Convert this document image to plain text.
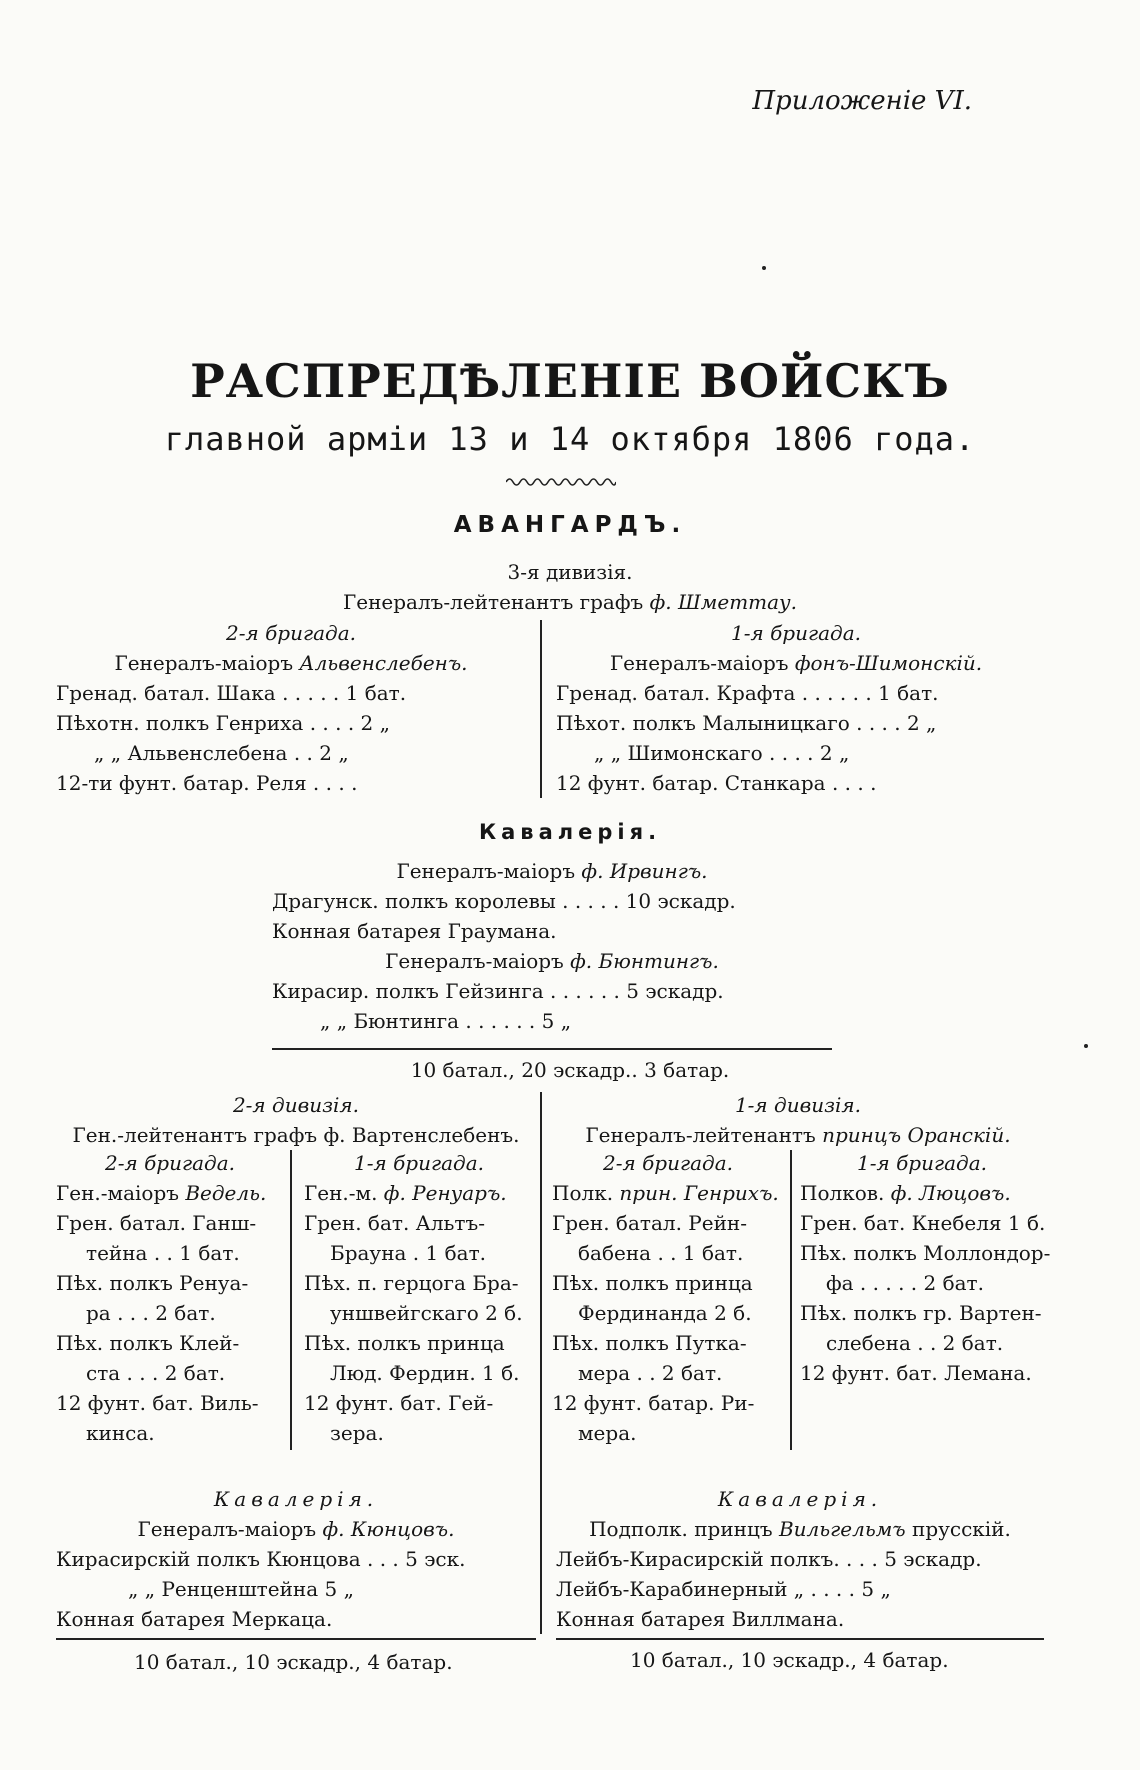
Приложеніе VI.
РАСПРЕДѢЛЕНІЕ ВОЙСКЪ
главной арміи 13 и 14 октября 1806 года.
АВАНГАРДЪ.
3-я дивизія.
Генералъ-лейтенантъ графъ ф. Шметтау.
2-я бригада.
Генералъ-маіоръ Альвенслебенъ.
Гренад. батал. Шака . . . . . 1 бат.
Пѣхотн. полкъ Генриха . . . . 2 „
„ „ Альвенслебена . . 2 „
12-ти фунт. батар. Реля . . . .
1-я бригада.
Генералъ-маіоръ фонъ-Шимонскій.
Гренад. батал. Крафта . . . . . . 1 бат.
Пѣхот. полкъ Малыницкаго . . . . 2 „
„ „ Шимонскаго . . . . 2 „
12 фунт. батар. Станкара . . . .
Кавалерія.
Генералъ-маіоръ ф. Ирвингъ.
Драгунск. полкъ королевы . . . . . 10 эскадр.
Конная батарея Граумана.
Генералъ-маіоръ ф. Бюнтингъ.
Кирасир. полкъ Гейзинга . . . . . . 5 эскадр.
„ „ Бюнтинга . . . . . . 5 „
10 батал., 20 эскадр.. 3 батар.
2-я дивизія.
Ген.-лейтенантъ графъ ф. Вартенслебенъ.
2-я бригада.
Ген.-маіоръ Ведель.
Грен. батал. Ганш-
тейна . . 1 бат.
Пѣх. полкъ Ренуа-
ра . . . 2 бат.
Пѣх. полкъ Клей-
ста . . . 2 бат.
12 фунт. бат. Виль-
кинса.
1-я бригада.
Ген.-м. ф. Ренуаръ.
Грен. бат. Альтъ-
Брауна . 1 бат.
Пѣх. п. герцога Бра-
уншвейгскаго 2 б.
Пѣх. полкъ принца
Люд. Фердин. 1 б.
12 фунт. бат. Гей-
зера.
1-я дивизія.
Генералъ-лейтенантъ принцъ Оранскій.
2-я бригада.
Полк. прин. Генрихъ.
Грен. батал. Рейн-
бабена . . 1 бат.
Пѣх. полкъ принца
Фердинанда 2 б.
Пѣх. полкъ Путка-
мера . . 2 бат.
12 фунт. батар. Ри-
мера.
1-я бригада.
Полков. ф. Люцовъ.
Грен. бат. Кнебеля 1 б.
Пѣх. полкъ Моллондор-
фа . . . . . 2 бат.
Пѣх. полкъ гр. Вартен-
слебена . . 2 бат.
12 фунт. бат. Лемана.
Кавалерія.
Генералъ-маіоръ ф. Кюнцовъ.
Кирасирскій полкъ Кюнцова . . . 5 эск.
„ „ Ренценштейна 5 „
Конная батарея Меркаца.
Кавалерія.
Подполк. принцъ Вильгельмъ прусскій.
Лейбъ-Кирасирскій полкъ. . . . 5 эскадр.
Лейбъ-Карабинерный „ . . . . 5 „
Конная батарея Виллмана.
10 батал., 10 эскадр., 4 батар.	10 батал., 10 эскадр., 4 батар.
